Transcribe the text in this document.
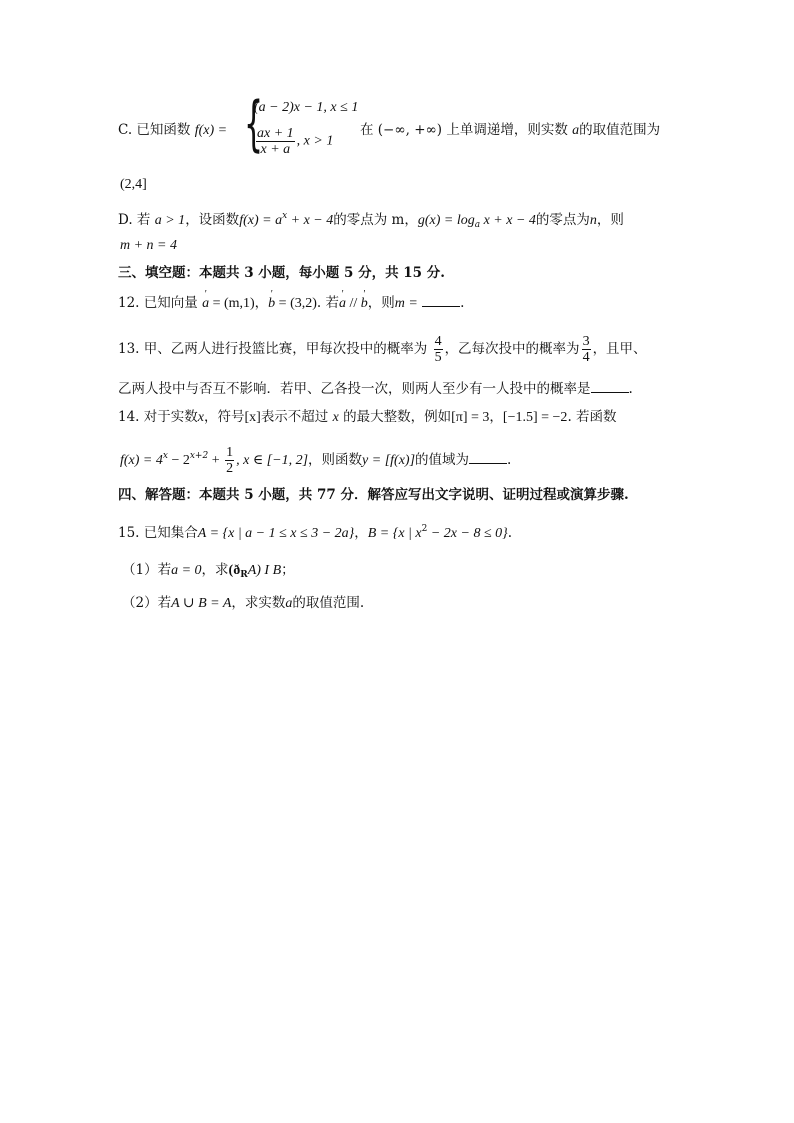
C. 已知函数 f(x) = {
(a − 2)x − 1, x ≤ 1
$\frac{ax + 1}{x + a}$ , x > 1
在 (−∞, +∞) 上单调递增，则实数 a的取值范围为
(2,4]
D. 若 a > 1，设函数$f(x) = a^x + x - 4$的零点为 m，$g(x) = \log_a x + x - 4$的零点为n，则
m + n = 4
三、填空题：本题共 3 小题，每小题 5 分，共 15 分.
12. 已知向量 ' a = (m,1)，' b = (3,2). 若' a // ' b，则m =	.
13. 甲、乙两人进行投篮比赛，甲每次投中的概率为 $\frac{4}{5}$ ，乙每次投中的概率为 $\frac{3}{4}$ ，且甲、
乙两人投中与否互不影响．若甲、乙各投一次，则两人至少有一人投中的概率是	.
14. 对于实数x，符号[x]表示不超过 x 的最大整数，例如[π] = 3，[−1.5] = −2. 若函数
$f(x) = 4^x - 2^{x+2} + \frac{1}{2}$ , x ∈ [−1, 2]，则函数y = [f(x)]的值域为	.
四、解答题：本题共 5 小题，共 77 分．解答应写出文字说明、证明过程或演算步骤.
15. 已知集合A = {x | a − 1 ≤ x ≤ 3 − 2a}，B = {x | $x^2 - 2x - 8 \le 0$}.
（1）若a = 0，求$(ð_RA)$ I B；
（2）若A ∪ B = A，求实数a的取值范围.
